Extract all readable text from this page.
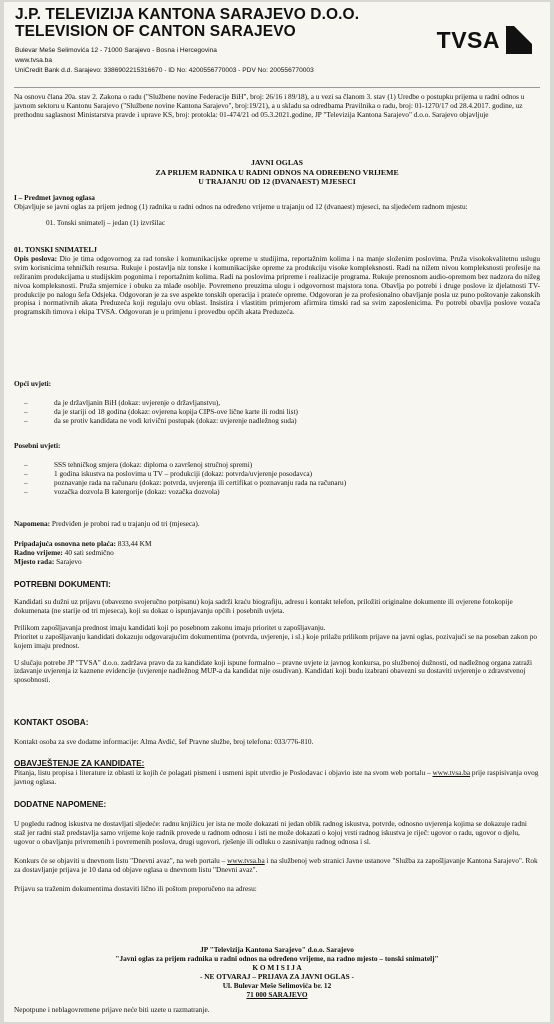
J.P. TELEVIZIJA KANTONA SARAJEVO D.O.O.
TELEVISION OF CANTON SARAJEVO
Bulevar Meše Selimovića 12 - 71000 Sarajevo - Bosna i Hercegovina
www.tvsa.ba
UniCredit Bank d.d. Sarajevo: 3386902215316670 - ID No: 4200556770003 - PDV No: 200556770003
TVSA

Na osnovu člana 20a. stav 2. Zakona o radu ("Službene novine Federacije BiH", broj: 26/16 i 89/18), a u vezi sa članom 3. stav (1) Uredbe o postupku prijema u radni odnos u javnom sektoru u Kantonu Sarajevo ("Službene novine Kantona Sarajevo", broj:19/21), a u skladu sa odredbama Pravilnika o radu, broj: 01-1270/17 od 28.4.2017. godine, uz prethodnu saglasnost Ministarstva pravde i uprave KS, broj: protokla: 01-474/21 od 05.3.2021.godine, JP "Televizija Kantona Sarajevo" d.o.o. Sarajevo objavljuje

JAVNI OGLAS
ZA PRIJEM RADNIKA U RADNI ODNOS NA ODREĐENO VRIJEME
U TRAJANJU OD 12 (DVANAEST) MJESECI
I – Predmet javnog oglasa
Objavljuje se javni oglas za prijem jednog (1) radnika u radni odnos na određeno vrijeme u trajanju od 12 (dvanaest) mjeseci, na sljedećem radnom mjestu:
01. Tonski snimatelj – jedan (1) izvršilac
01. TONSKI SNIMATELJ
Opis poslova: Dio je tima odgovornog za rad tonske i komunikacijske opreme u studijima, reportažnim kolima i na manje složenim poslovima. Pruža visokokvalitetnu uslugu svim korisnicima tehničkih resursa. Rukuje i postavlja niz tonske i komunikacijske opreme za produkciju visoke kompleksnosti. Radi na nižem nivou kompleksnosti profesije na režiranim produkcijama u studijskim pogonima i reportažnim kolima. Radi na poslovima pripreme i realizacije programa. Rukuje prenosnom audio-opremom bez nadzora do nižeg nivoa kompleksnosti. Pruža smjernice i obuku za mlađe osoblje. Povremeno preuzima ulogu i odgovornost majstora tona. Obavlja po potrebi i druge poslove iz djelatnosti TV-produkcije po nalogu šefa Odsjeka. Odgovoran je za sve aspekte tonskih operacija i prateće opreme. Odgovoran je za profesionalno obavljanje posla uz puno poštovanje zakonskih propisa i normativnih akata Preduzeća koji regulaju ovu oblast. Insistira i vlastitim primjerom afirmira timski rad sa svim zaposlenicima. Po potrebi obavlja poslove vozača programskih timova i ekipa TVSA. Odgovoran je u primjenu i provedbu općih akata Preduzeća.
Opći uvjeti:
– da je državljanin BiH (dokaz: uvjerenje o državljanstvu),
– da je stariji od 18 godina (dokaz: ovjerena kopija CIPS-ove lične karte ili rodni list)
– da se protiv kandidata ne vodi krivični postupak (dokaz: uvjerenje nadležnog suda)
Posebni uvjeti:
– SSS tehničkog smjera (dokaz: diploma o završenoj stručnoj spremi)
– 1 godina iskustva na poslovima u TV – produkciji (dokaz: potvrda/uvjerenje posodavca)
– poznavanje rada na računaru (dokaz: potvrda, uvjerenja ili certifikat o poznavanju rada na računaru)
– vozačka dozvola B katergorije (dokaz: vozačka dozvola)
Napomena: Predviđen je probni rad u trajanju od tri (mjeseca).
Pripadajuća osnovna neto plaća: 833,44 KM
Radno vrijeme: 40 sati sedmično
Mjesto rada: Sarajevo
POTREBNI DOKUMENTI:

Kandidati su dužni uz prijavu (obavezno svojeručno potpisanu) koja sadrži kraću biografiju, adresu i kontakt telefon, priložiti originalne dokumente ili ovjerene fotokopije dokumenata (ne starije od tri mjeseca), koji su dokaz o ispunjavanju općih i posebnih uvjeta.

Prilikom zapošljavanja prednost imaju kandidati koji po posebnom zakonu imaju prioritet u zapošljavanju.

Prioritet u zapošljavanju kandidati dokazuju odgovarajućim dokumentima (potvrda, uvjerenje, i sl.) koje prilažu prilikom prijave na javni oglas, pozivajući se na poseban zakon po kojem imaju prednost.

U slučaju potrebe JP "TVSA" d.o.o. zadržava pravo da za kandidate koji ispune formalno – pravne uvjete iz javnog konkursa, po službenoj dužnosti, od nadležnog organa zatraži izdavanje uvjerenja iz kaznene evidencije (uvjerenje nadležnog MUP-a da kandidat nije osuđivan). Kandidati koji budu izabrani obavezni su dostaviti uvjerenje o zdravstvenoj sposobnosti.

KONTAKT OSOBA:

Kontakt osoba za sve dodatne informacije: Alma Avdić, šef Pravne službe, broj telefona: 033/776-810.

OBAVJEŠTENJE ZA KANDIDATE:

Pitanja, listu propisa i literature iz oblasti iz kojih će polagati pismeni i usmeni ispit utvrdio je Poslodavac i objavio iste na svom web portalu – www.tvsa.ba prije raspisivanja ovog javnog oglasa.

DODATNE NAPOMENE:

U pogledu radnog iskustva ne dostavljati sljedeće: radnu knjižicu jer ista ne može dokazati ni jedan oblik radnog iskustva, potvrde, odnosno uvjerenja kojima se dokazuje radni staž jer radni staž predstavlja samo vrijeme koje radnik provede u radnom odnosu i isti ne može dokazati o kojoj vrsti radnog iskustva je riječ: ugovor o radu, ugovor o djelu, ugovor o obavljanju privremenih i povremenih poslova, drugi ugovori, rješenje ili odluku o zasnivanju radnog odnosa i sl.

Konkurs će se objaviti u dnevnom listu "Dnevni avaz", na web portalu – www.tvsa.ba i na službenoj web stranici Javne ustanove "Služba za zapošljavanje Kantona Sarajevo". Rok za dostavljanje prijava je 10 dana od objave oglasa u dnevnom listu "Dnevni avaz".

Prijavu sa traženim dokumentima dostaviti lično ili poštom preporučeno na adresu:

JP "Televizija Kantona Sarajevo" d.o.o. Sarajevo
"Javni oglas za prijem radnika u radni odnos na određeno vrijeme, na radno mjesto – tonski snimatelj"
K O M I S I J A
- NE OTVARAJ – PRIJAVA ZA JAVNI OGLAS -
Ul. Bulevar Meše Selimovića br. 12
71 000 SARAJEVO
Nepotpune i neblagovremene prijave neće biti uzete u razmatranje.
